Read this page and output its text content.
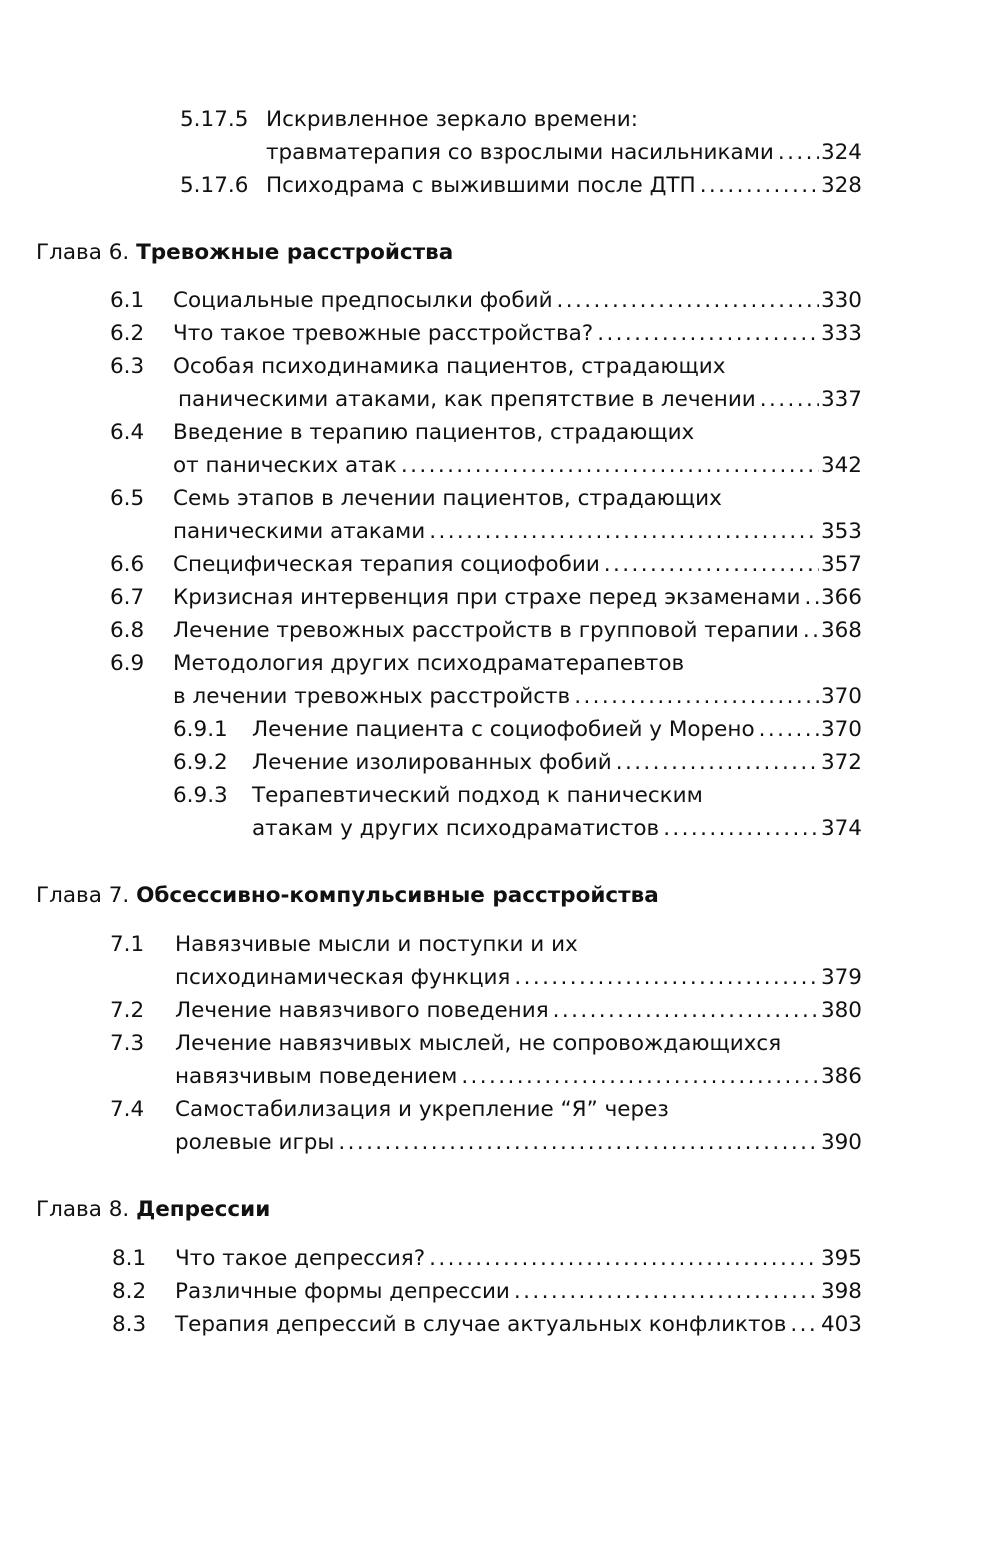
5.17.5 Искривленное зеркало времени:
травматерапия со взрослыми насильниками ..... 324
5.17.6 Психодрама с выжившими после ДТП .....	328
Глава 6. Тревожные расстройства
6.1 Социальные предпосылки фобий .....	330
6.2 Что такое тревожные расстройства? .....	333
6.3 Особая психодинамика пациентов, страдающих
паническими атаками, как препятствие в лечении .....	337
6.4 Введение в терапию пациентов, страдающих
от панических атак .....	342
6.5 Семь этапов в лечении пациентов, страдающих
паническими атаками .....	353
6.6 Специфическая терапия социофобии .....	357
6.7 Кризисная интервенция при страхе перед экзаменами ..... 366
6.8 Лечение тревожных расстройств в групповой терапии ..... 368
6.9 Методология других психодраматерапевтов
в лечении тревожных расстройств .....	370
6.9.1 Лечение пациента с социофобией у Морено .....	370
6.9.2 Лечение изолированных фобий .....	372
6.9.3 Терапевтический подход к паническим
атакам у других психодраматистов .....	374
Глава 7. Обсессивно-компульсивные расстройства
7.1 Навязчивые мысли и поступки и их
психодинамическая функция .....	379
7.2 Лечение навязчивого поведения .....	380
7.3 Лечение навязчивых мыслей, не сопровождающихся
навязчивым поведением .....	386
7.4 Самостабилизация и укрепление “Я” через
ролевые игры .....	390
Глава 8. Депрессии
8.1 Что такое депрессия? .....	395
8.2 Различные формы депрессии .....	398
8.3 Терапия депрессий в случае актуальных конфликтов ..... 403
